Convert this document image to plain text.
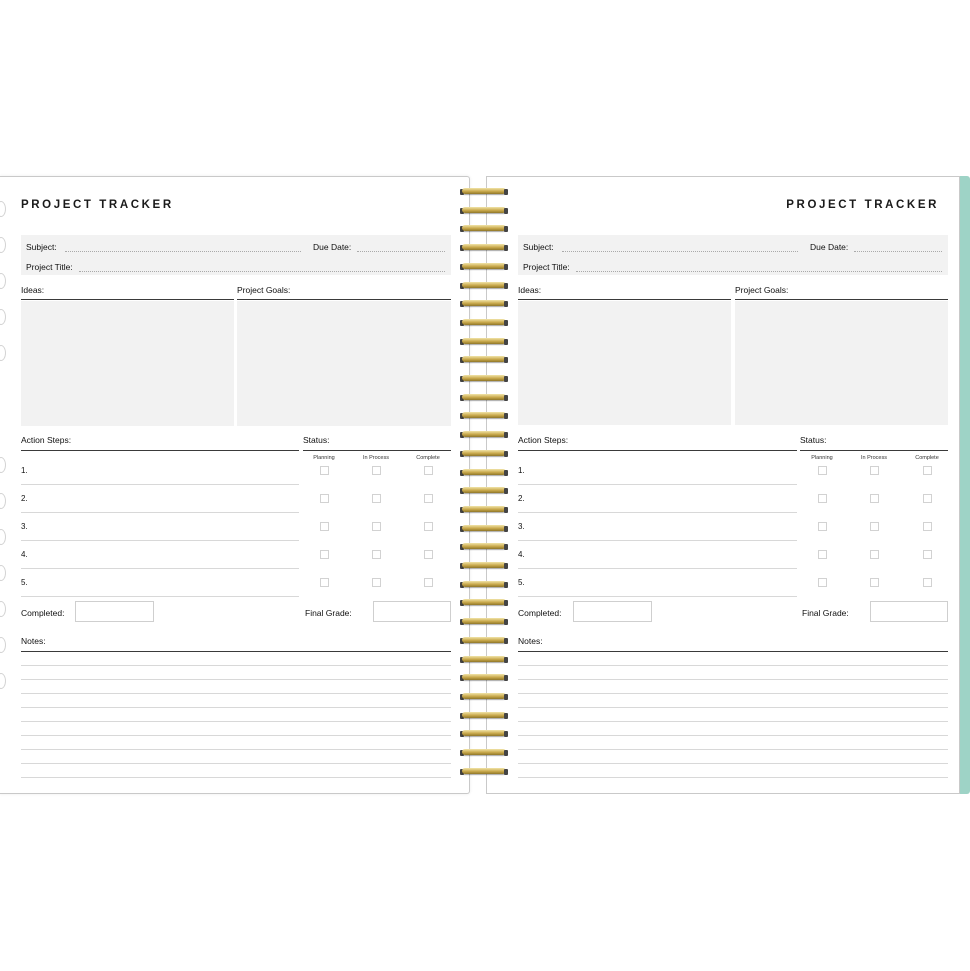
PROJECT TRACKER
Subject:	Due Date:
Project Title:
Ideas:	Project Goals:
Action Steps:	Status:
Planning	In Process	Complete
1.
2.
3.
4.
5.
Completed:	Final Grade:
Notes:
PROJECT TRACKER
Subject:	Due Date:
Project Title:
Ideas:	Project Goals:
Action Steps:	Status:
Planning	In Process	Complete
1.
2.
3.
4.
5.
Completed:	Final Grade:
Notes:
